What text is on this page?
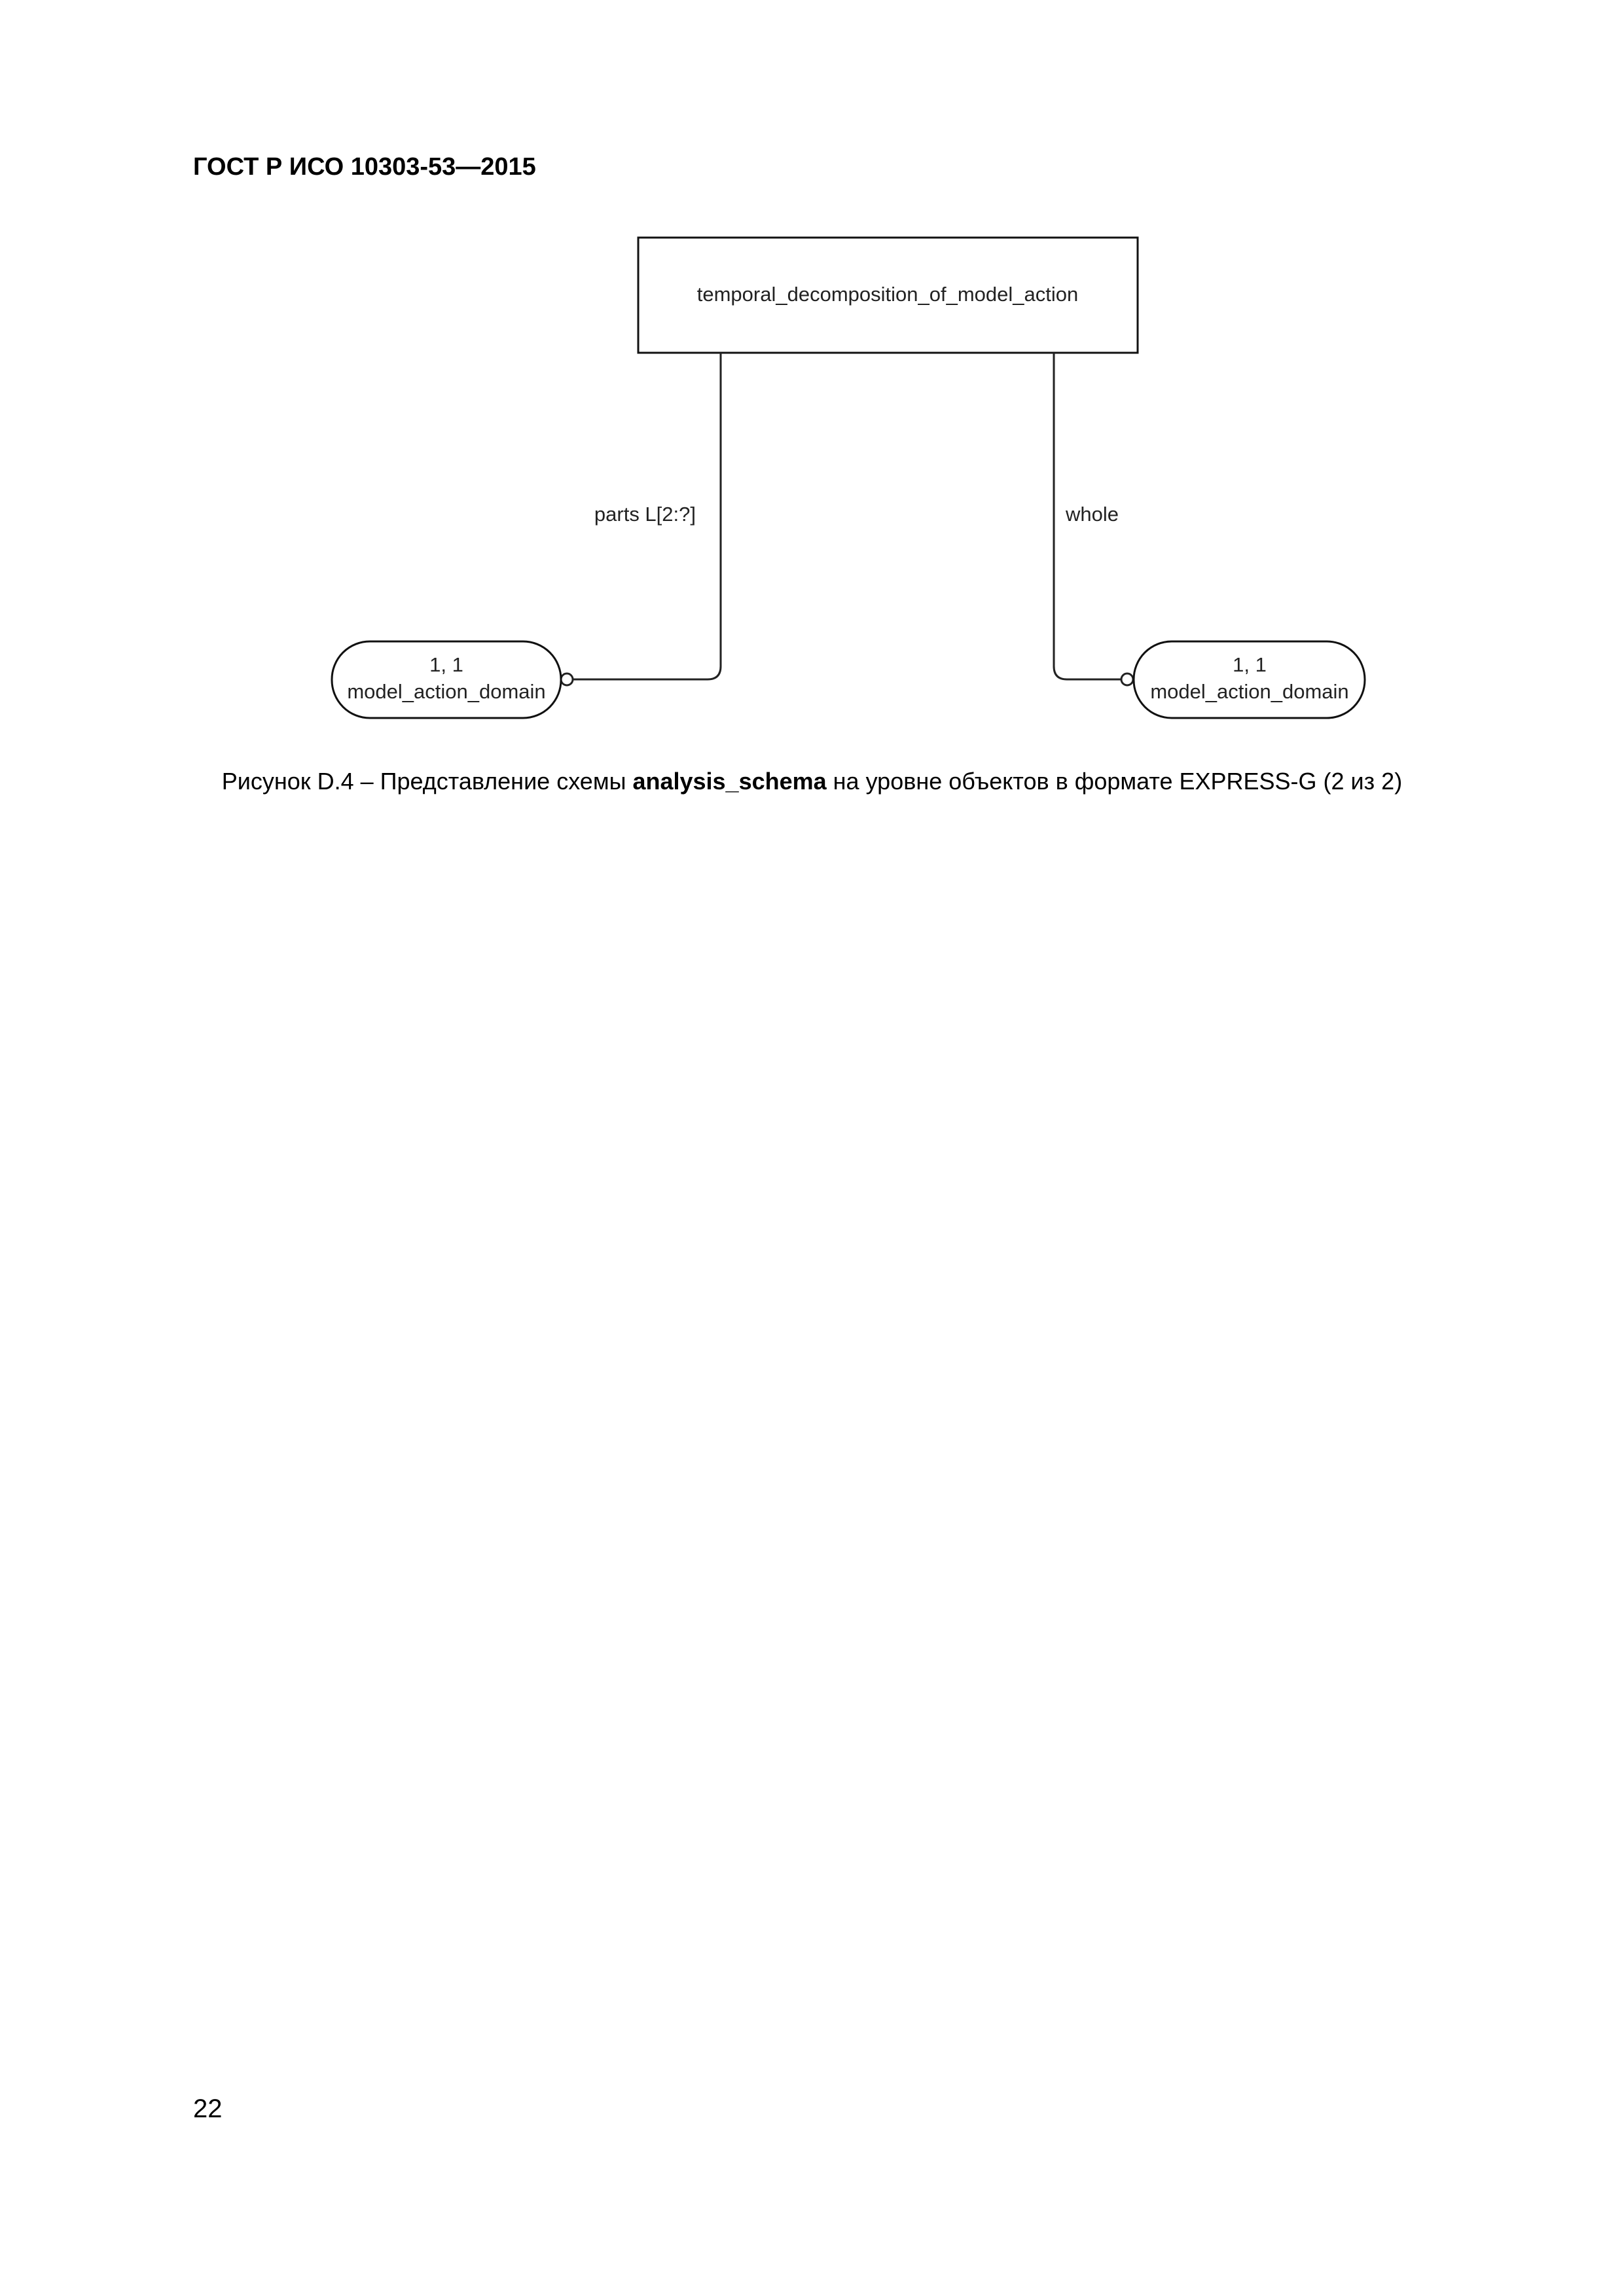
ГОСТ Р ИСО 10303-53—2015
temporal_decomposition_of_model_action
parts L[2:?]
1, 1
model_action_domain
whole
1, 1
model_action_domain
Рисунок D.4 – Представление схемы analysis_schema на уровне объектов в формате EXPRESS-G (2 из 2)
22
